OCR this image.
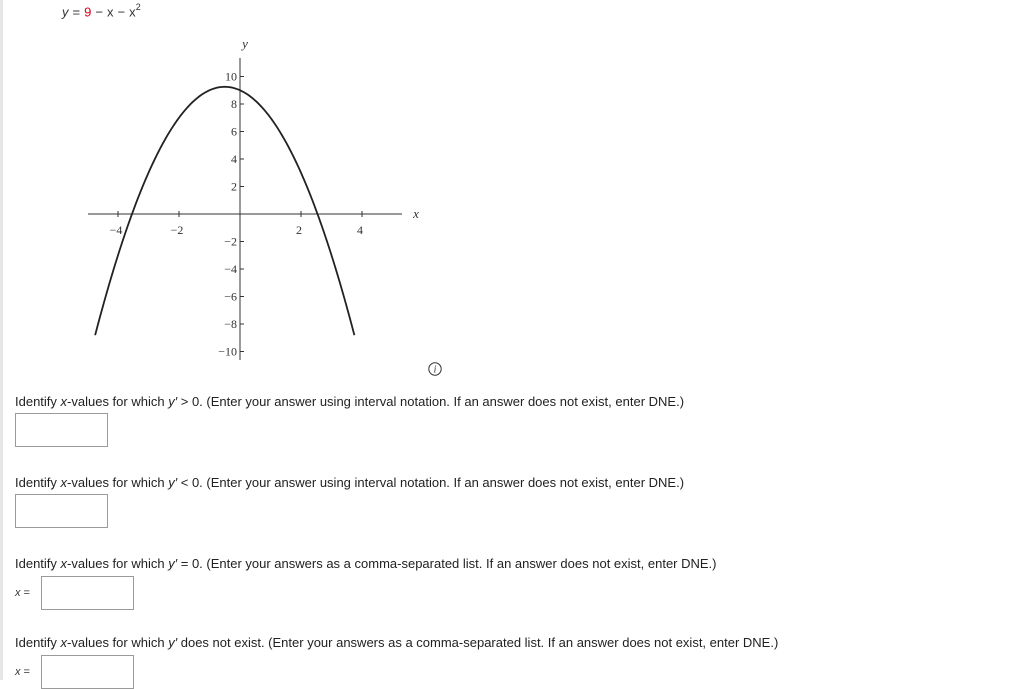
$y = 9 - x - x^2$
x
y
−4	−2	2	4
10
8
6
4
2
−2
−4
−6
−8
−10
i
Identify x-values for which y′ > 0. (Enter your answer using interval notation. If an answer does not exist, enter DNE.)
Identify x-values for which y′ < 0. (Enter your answer using interval notation. If an answer does not exist, enter DNE.)
Identify x-values for which y′ = 0. (Enter your answers as a comma-separated list. If an answer does not exist, enter DNE.)
x =
Identify x-values for which y′ does not exist. (Enter your answers as a comma-separated list. If an answer does not exist, enter DNE.)
x =
